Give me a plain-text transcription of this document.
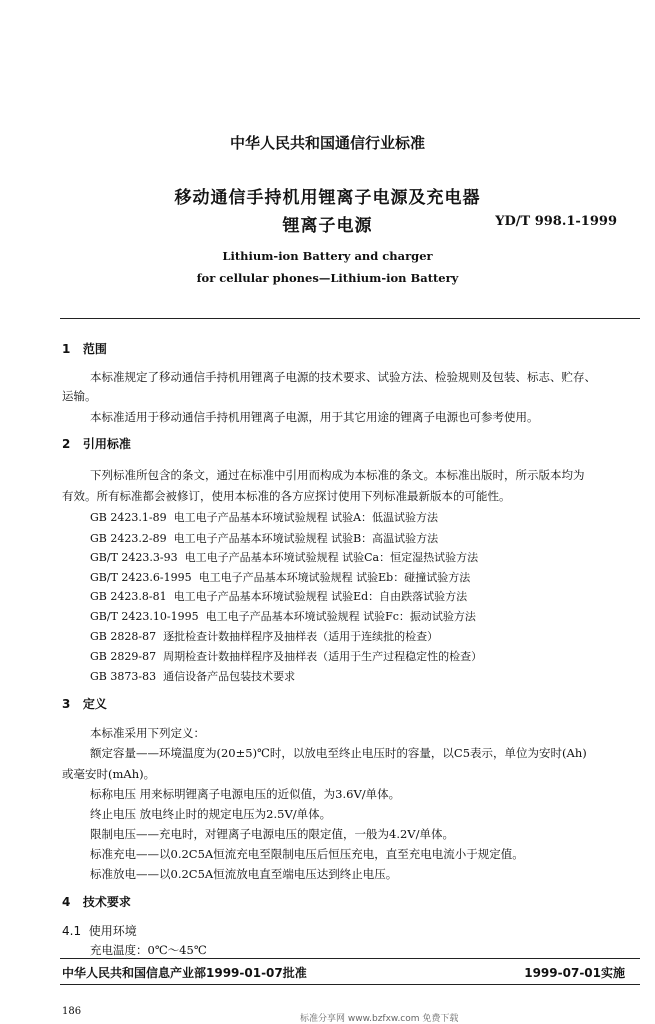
中华人民共和国通信行业标准
移动通信手持机用锂离子电源及充电器
锂离子电源	YD/T 998.1-1999
Lithium-ion Battery and charger
for cellular phones—Lithium-ion Battery
1 范围
本标准规定了移动通信手持机用锂离子电源的技术要求、试验方法、检验规则及包装、标志、贮存、
运输。
本标准适用于移动通信手持机用锂离子电源，用于其它用途的锂离子电源也可参考使用。
2 引用标准
下列标准所包含的条文，通过在标准中引用而构成为本标准的条文。本标准出版时，所示版本均为
有效。所有标准都会被修订，使用本标准的各方应探讨使用下列标准最新版本的可能性。
GB 2423.1-89 电工电子产品基本环境试验规程 试验A：低温试验方法
GB 2423.2-89 电工电子产品基本环境试验规程 试验B：高温试验方法
GB/T 2423.3-93 电工电子产品基本环境试验规程 试验Ca：恒定湿热试验方法
GB/T 2423.6-1995 电工电子产品基本环境试验规程 试验Eb：碰撞试验方法
GB 2423.8-81 电工电子产品基本环境试验规程 试验Ed：自由跌落试验方法
GB/T 2423.10-1995 电工电子产品基本环境试验规程 试验Fc：振动试验方法
GB 2828-87 逐批检查计数抽样程序及抽样表（适用于连续批的检查）
GB 2829-87 周期检查计数抽样程序及抽样表（适用于生产过程稳定性的检查）
GB 3873-83 通信设备产品包装技术要求
3 定义
本标准采用下列定义：
额定容量——环境温度为(20±5)℃时，以放电至终止电压时的容量，以C5表示，单位为安时(Ah)
或毫安时(mAh)。
标称电压 用来标明锂离子电源电压的近似值，为3.6V/单体。
终止电压 放电终止时的规定电压为2.5V/单体。
限制电压——充电时，对锂离子电源电压的限定值，一般为4.2V/单体。
标准充电——以0.2C5A恒流充电至限制电压后恒压充电，直至充电电流小于规定值。
标准放电——以0.2C5A恒流放电直至端电压达到终止电压。
4 技术要求
4.1 使用环境
充电温度：0℃～45℃
中华人民共和国信息产业部1999-01-07批准	1999-07-01实施
186
标准分享网 www.bzfxw.com 免费下载
